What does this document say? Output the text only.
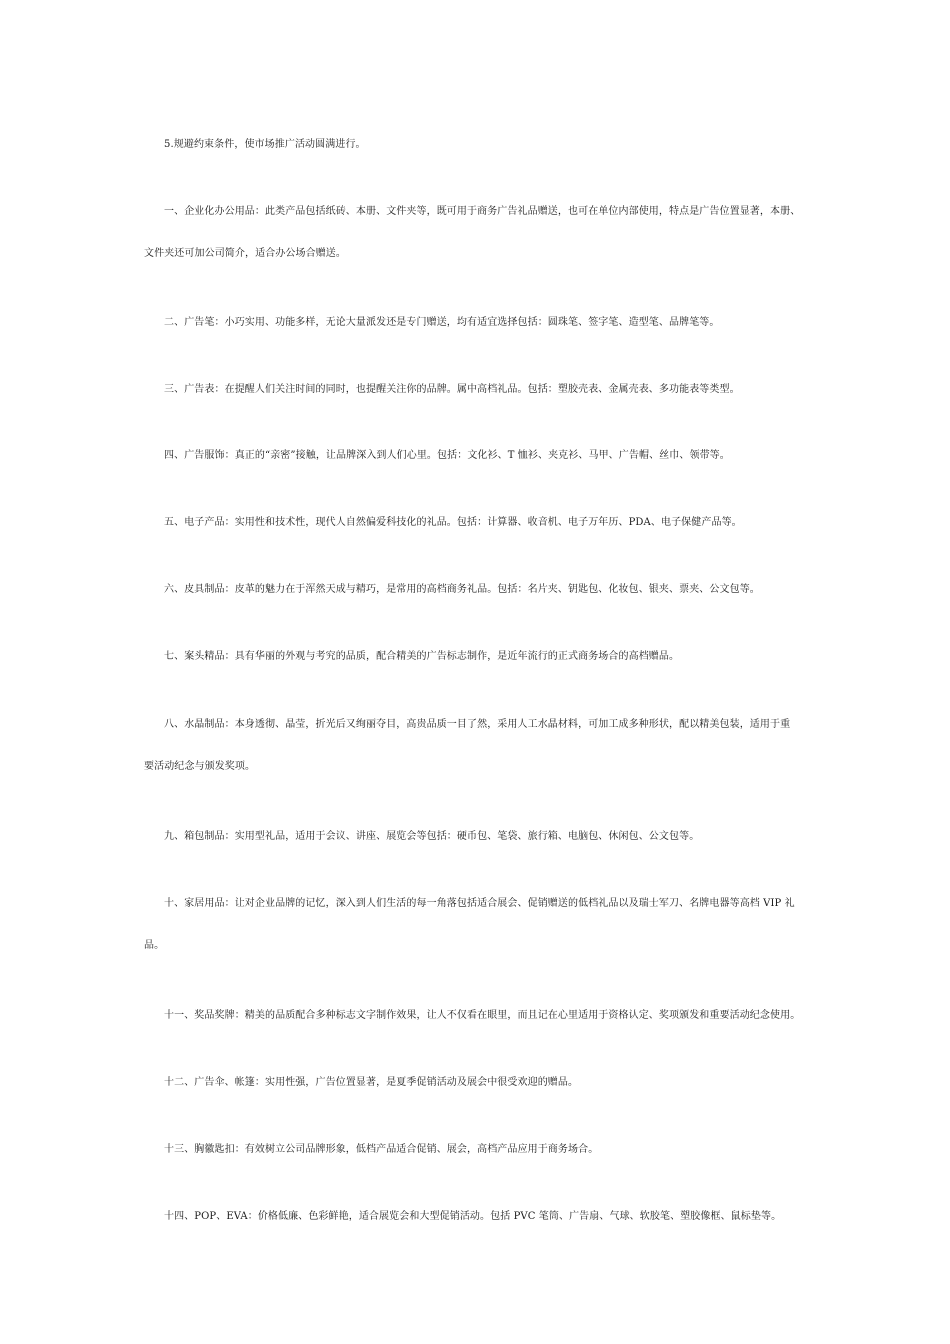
5.规避约束条件，使市场推广活动圆满进行。
一、企业化办公用品：此类产品包括纸砖、本册、文件夹等，既可用于商务广告礼品赠送，也可在单位内部使用，特点是广告位置显著，本册、
文件夹还可加公司简介，适合办公场合赠送。
二、广告笔：小巧实用、功能多样，无论大量派发还是专门赠送，均有适宜选择包括：圆珠笔、签字笔、造型笔、品牌笔等。
三、广告表：在提醒人们关注时间的同时，也提醒关注你的品牌。属中高档礼品。包括：塑胶壳表、金属壳表、多功能表等类型。
四、广告服饰：真正的“亲密”接触，让品牌深入到人们心里。包括：文化衫、T 恤衫、夹克衫、马甲、广告帽、丝巾、领带等。
五、电子产品：实用性和技术性，现代人自然偏爱科技化的礼品。包括：计算器、收音机、电子万年历、PDA、电子保健产品等。
六、皮具制品：皮革的魅力在于浑然天成与精巧，是常用的高档商务礼品。包括：名片夹、钥匙包、化妆包、银夹、票夹、公文包等。
七、案头精品：具有华丽的外观与考究的品质，配合精美的广告标志制作，是近年流行的正式商务场合的高档赠品。
八、水晶制品：本身透彻、晶莹，折光后又绚丽夺目，高贵品质一目了然，采用人工水晶材料，可加工成多种形状，配以精美包装，适用于重
要活动纪念与颁发奖项。
九、箱包制品：实用型礼品，适用于会议、讲座、展览会等包括：硬币包、笔袋、旅行箱、电脑包、休闲包、公文包等。
十、家居用品：让对企业品牌的记忆，深入到人们生活的每一角落包括适合展会、促销赠送的低档礼品以及瑞士军刀、名牌电器等高档 VIP 礼
品。
十一、奖品奖牌：精美的品质配合多种标志文字制作效果，让人不仅看在眼里，而且记在心里适用于资格认定、奖项颁发和重要活动纪念使用。
十二、广告伞、帐篷：实用性强，广告位置显著，是夏季促销活动及展会中很受欢迎的赠品。
十三、胸徽匙扣：有效树立公司品牌形象，低档产品适合促销、展会，高档产品应用于商务场合。
十四、POP、EVA：价格低廉、色彩鲜艳，适合展览会和大型促销活动。包括 PVC 笔筒、广告扇、气球、软胶笔、塑胶像框、鼠标垫等。
